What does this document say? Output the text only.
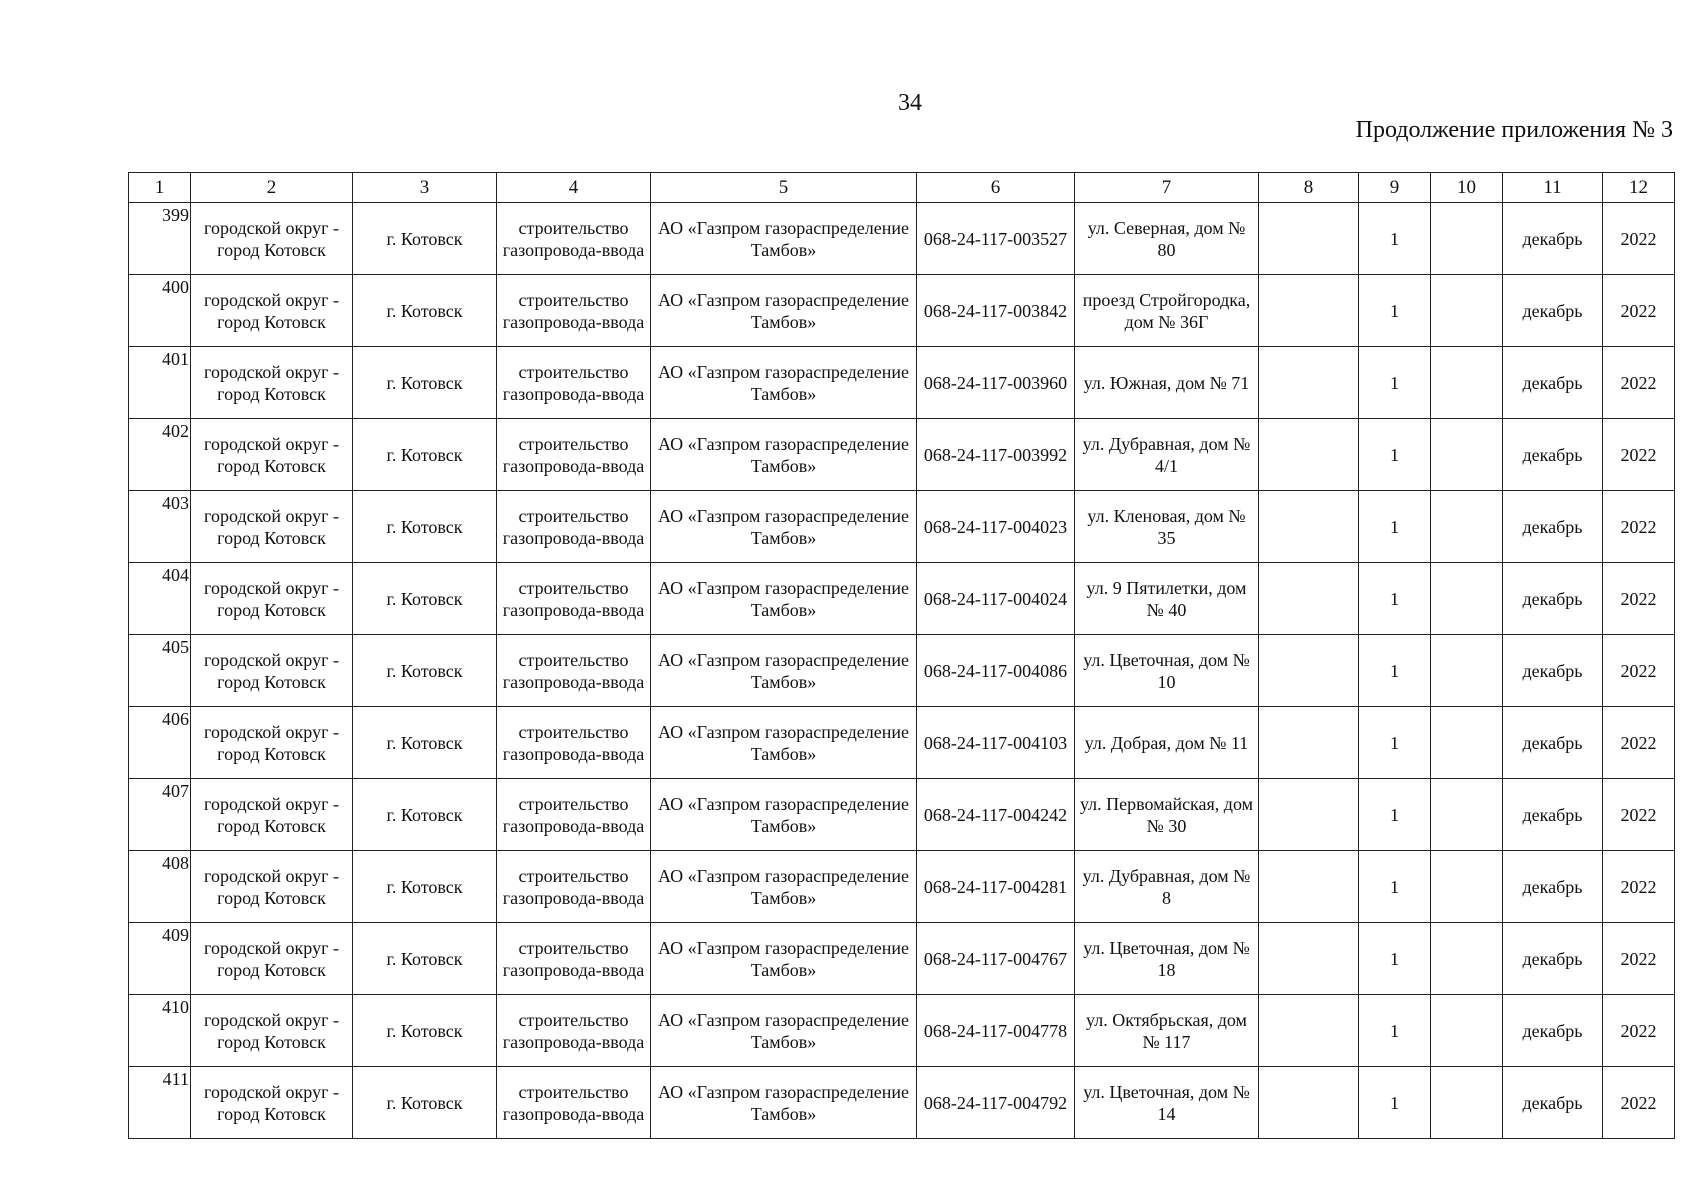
34
Продолжение приложения № 3
1	2	3	4	5	6	7	8	9	10	11	12
399	городской округ - город Котовск	г. Котовск	строительство газопровода-ввода	АО «Газпром газораспределение Тамбов»	068-24-117-003527	ул. Северная, дом № 80		1		декабрь	2022
400	городской округ - город Котовск	г. Котовск	строительство газопровода-ввода	АО «Газпром газораспределение Тамбов»	068-24-117-003842	проезд Стройгородка, дом № 36Г		1		декабрь	2022
401	городской округ - город Котовск	г. Котовск	строительство газопровода-ввода	АО «Газпром газораспределение Тамбов»	068-24-117-003960	ул. Южная, дом № 71		1		декабрь	2022
402	городской округ - город Котовск	г. Котовск	строительство газопровода-ввода	АО «Газпром газораспределение Тамбов»	068-24-117-003992	ул. Дубравная, дом № 4/1		1		декабрь	2022
403	городской округ - город Котовск	г. Котовск	строительство газопровода-ввода	АО «Газпром газораспределение Тамбов»	068-24-117-004023	ул. Кленовая, дом № 35		1		декабрь	2022
404	городской округ - город Котовск	г. Котовск	строительство газопровода-ввода	АО «Газпром газораспределение Тамбов»	068-24-117-004024	ул. 9 Пятилетки, дом № 40		1		декабрь	2022
405	городской округ - город Котовск	г. Котовск	строительство газопровода-ввода	АО «Газпром газораспределение Тамбов»	068-24-117-004086	ул. Цветочная, дом № 10		1		декабрь	2022
406	городской округ - город Котовск	г. Котовск	строительство газопровода-ввода	АО «Газпром газораспределение Тамбов»	068-24-117-004103	ул. Добрая, дом № 11		1		декабрь	2022
407	городской округ - город Котовск	г. Котовск	строительство газопровода-ввода	АО «Газпром газораспределение Тамбов»	068-24-117-004242	ул. Первомайская, дом № 30		1		декабрь	2022
408	городской округ - город Котовск	г. Котовск	строительство газопровода-ввода	АО «Газпром газораспределение Тамбов»	068-24-117-004281	ул. Дубравная, дом № 8		1		декабрь	2022
409	городской округ - город Котовск	г. Котовск	строительство газопровода-ввода	АО «Газпром газораспределение Тамбов»	068-24-117-004767	ул. Цветочная, дом № 18		1		декабрь	2022
410	городской округ - город Котовск	г. Котовск	строительство газопровода-ввода	АО «Газпром газораспределение Тамбов»	068-24-117-004778	ул. Октябрьская, дом № 117		1		декабрь	2022
411	городской округ - город Котовск	г. Котовск	строительство газопровода-ввода	АО «Газпром газораспределение Тамбов»	068-24-117-004792	ул. Цветочная, дом № 14		1		декабрь	2022
